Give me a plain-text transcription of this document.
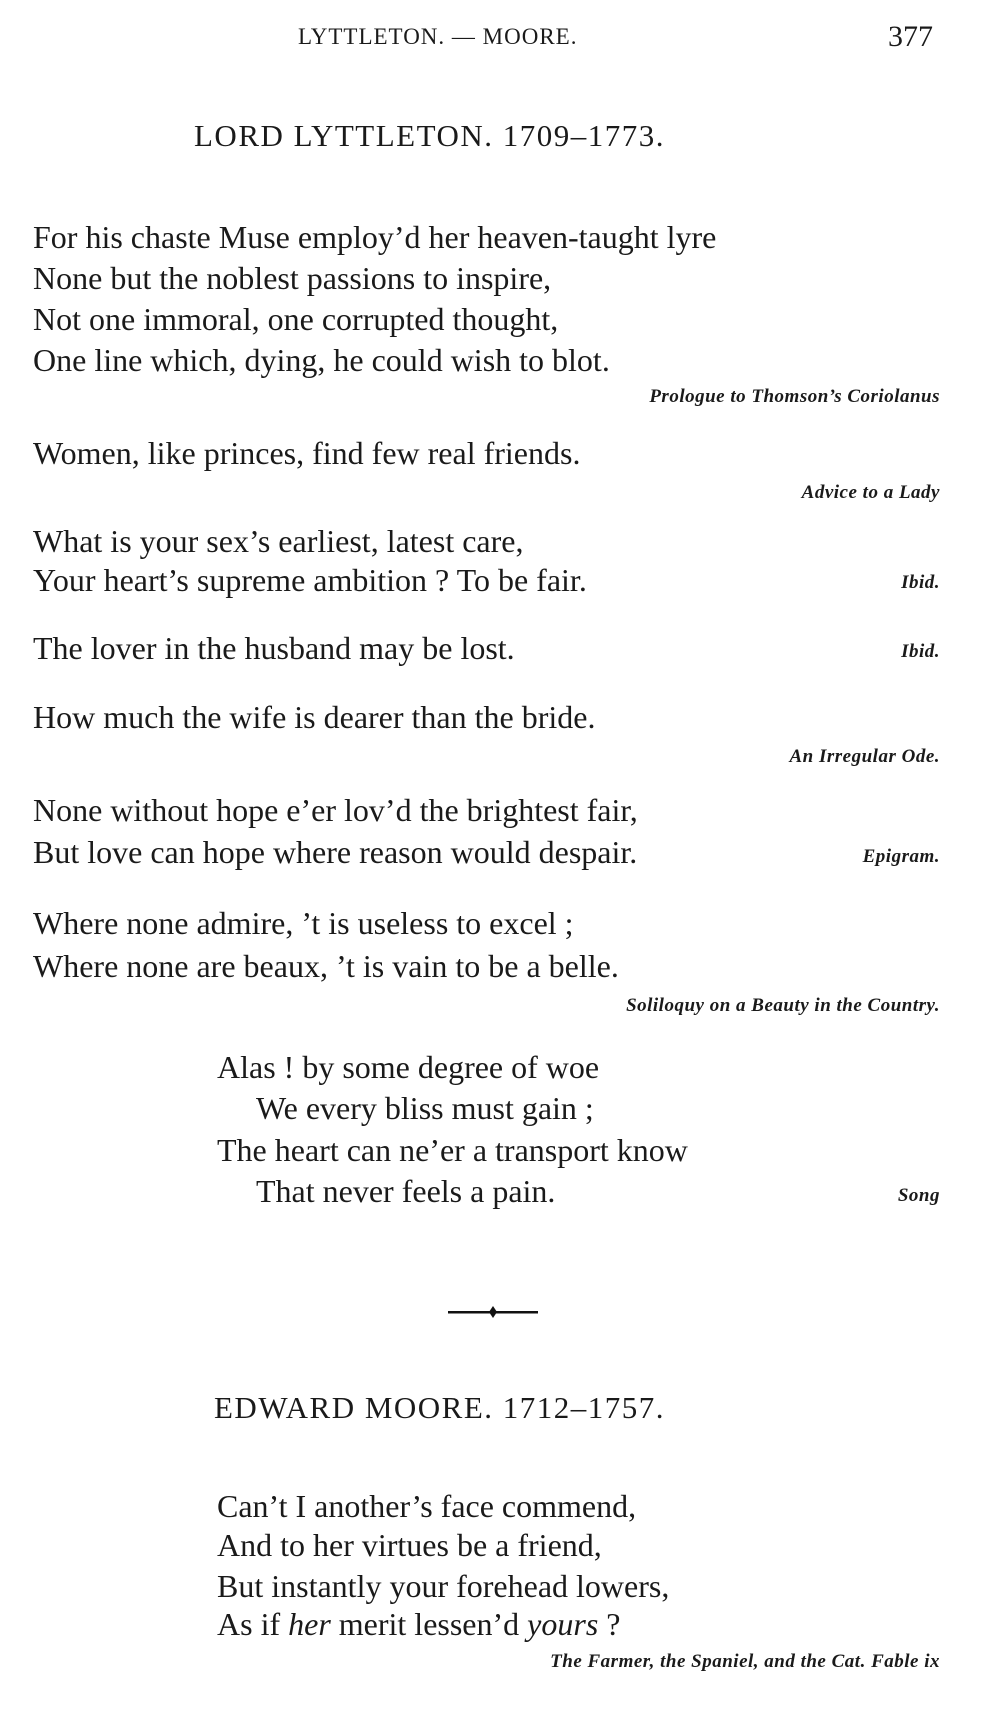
LYTTLETON. — MOORE.	377
LORD LYTTLETON. 1709–1773.
For his chaste Muse employ’d her heaven-taught lyre
None but the noblest passions to inspire,
Not one immoral, one corrupted thought,
One line which, dying, he could wish to blot.
Prologue to Thomson’s Coriolanus
Women, like princes, find few real friends.
Advice to a Lady
What is your sex’s earliest, latest care,
Your heart’s supreme ambition ? To be fair.	Ibid.
The lover in the husband may be lost.	Ibid.
How much the wife is dearer than the bride.
An Irregular Ode.
None without hope e’er lov’d the brightest fair,
But love can hope where reason would despair.	Epigram.
Where none admire, ’t is useless to excel ;
Where none are beaux, ’t is vain to be a belle.
Soliloquy on a Beauty in the Country.
Alas ! by some degree of woe
We every bliss must gain ;
The heart can ne’er a transport know
That never feels a pain.	Song
EDWARD MOORE. 1712–1757.
Can’t I another’s face commend,
And to her virtues be a friend,
But instantly your forehead lowers,
As if her merit lessen’d yours ?
The Farmer, the Spaniel, and the Cat. Fable ix
